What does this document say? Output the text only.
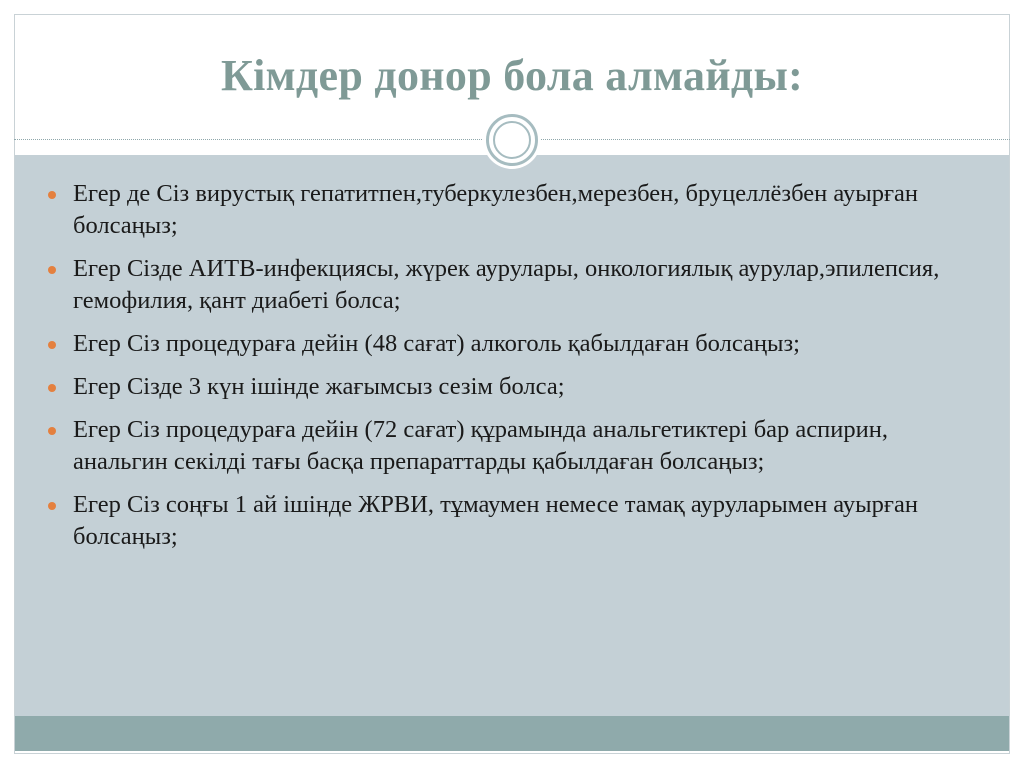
Кімдер донор бола алмайды:
Егер де Сіз вирустық гепатитпен,туберкулезбен,мерезбен, бруцеллёзбен ауырған болсаңыз;
Егер Сізде АИТВ-инфекциясы, жүрек аурулары, онкологиялық аурулар,эпилепсия, гемофилия, қант диабеті болса;
Егер Сіз процедураға дейін (48 сағат) алкоголь қабылдаған болсаңыз;
Егер Сізде 3 күн ішінде жағымсыз сезім болса;
Егер Сіз процедураға дейін (72 сағат) құрамында анальгетиктері бар аспирин, анальгин секілді тағы басқа препараттарды қабылдаған болсаңыз;
Егер Сіз соңғы 1 ай ішінде ЖРВИ, тұмаумен немесе тамақ ауруларымен ауырған болсаңыз;
